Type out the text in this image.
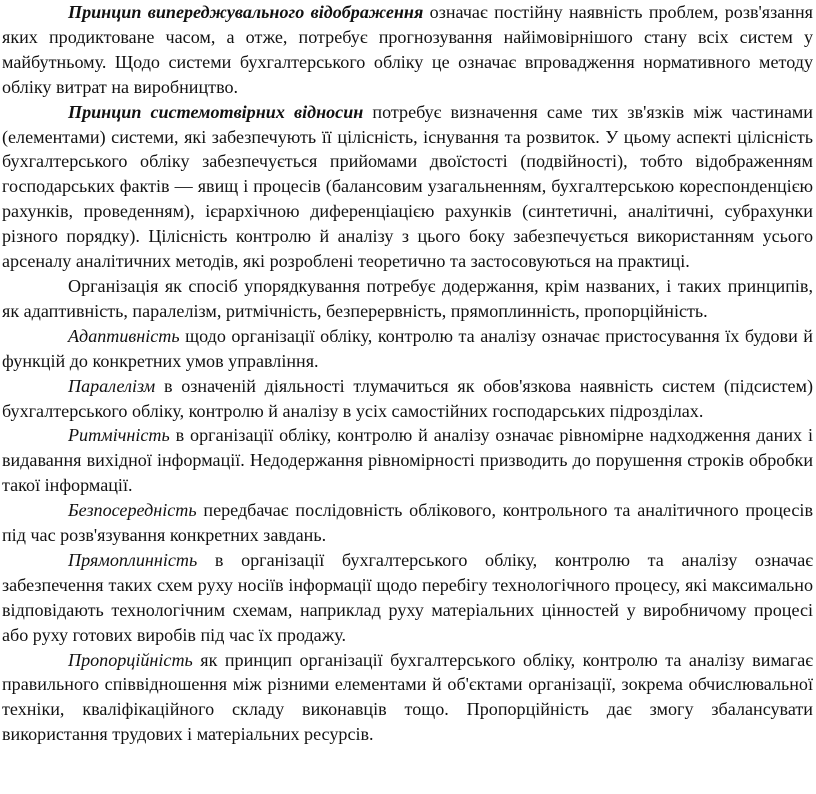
Принцип випереджувального відображення означає постійну наявність проблем, розв'язання яких продиктоване часом, а отже, потребує прогнозування найімовірнішого стану всіх систем у майбутньому. Щодо системи бухгалтерського обліку це означає впровадження нормативного методу обліку витрат на виробництво.

Принцип системотвірних відносин потребує визначення саме тих зв'язків між частинами (елементами) системи, які забезпечують її цілісність, існування та розвиток. У цьому аспекті цілісність бухгалтерського обліку забезпечується прийомами двоїстості (подвійності), тобто відображенням господарських фактів — явищ і процесів (балансовим узагальненням, бухгалтерською кореспонденцією рахунків, проведенням), ієрархічною диференціацією рахунків (синтетичні, аналітичні, субрахунки різного порядку). Цілісність контролю й аналізу з цього боку забезпечується використанням усього арсеналу аналітичних методів, які розроблені теоретично та застосовуються на практиці.

Організація як спосіб упорядкування потребує додержання, крім названих, і таких принципів, як адаптивність, паралелізм, ритмічність, безперервність, прямоплинність, пропорційність.

Адаптивність щодо організації обліку, контролю та аналізу означає пристосування їх будови й функцій до конкретних умов управління.

Паралелізм в означеній діяльності тлумачиться як обов'язкова наявність систем (підсистем) бухгалтерського обліку, контролю й аналізу в усіх самостійних господарських підрозділах.

Ритмічність в організації обліку, контролю й аналізу означає рівномірне надходження даних і видавання вихідної інформації. Недодержання рівномірності призводить до порушення строків обробки такої інформації.

Безпосередність передбачає послідовність облікового, контрольного та аналітичного процесів під час розв'язування конкретних завдань.

Прямоплинність в організації бухгалтерського обліку, контролю та аналізу означає забезпечення таких схем руху носіїв інформації щодо перебігу технологічного процесу, які максимально відповідають технологічним схемам, наприклад руху матеріальних цінностей у виробничому процесі або руху готових виробів під час їх продажу.

Пропорційність як принцип організації бухгалтерського обліку, контролю та аналізу вимагає правильного співвідношення між різними елементами й об'єктами організації, зокрема обчислювальної техніки, кваліфікаційного складу виконавців тощо. Пропорційність дає змогу збалансувати використання трудових і матеріальних ресурсів.
